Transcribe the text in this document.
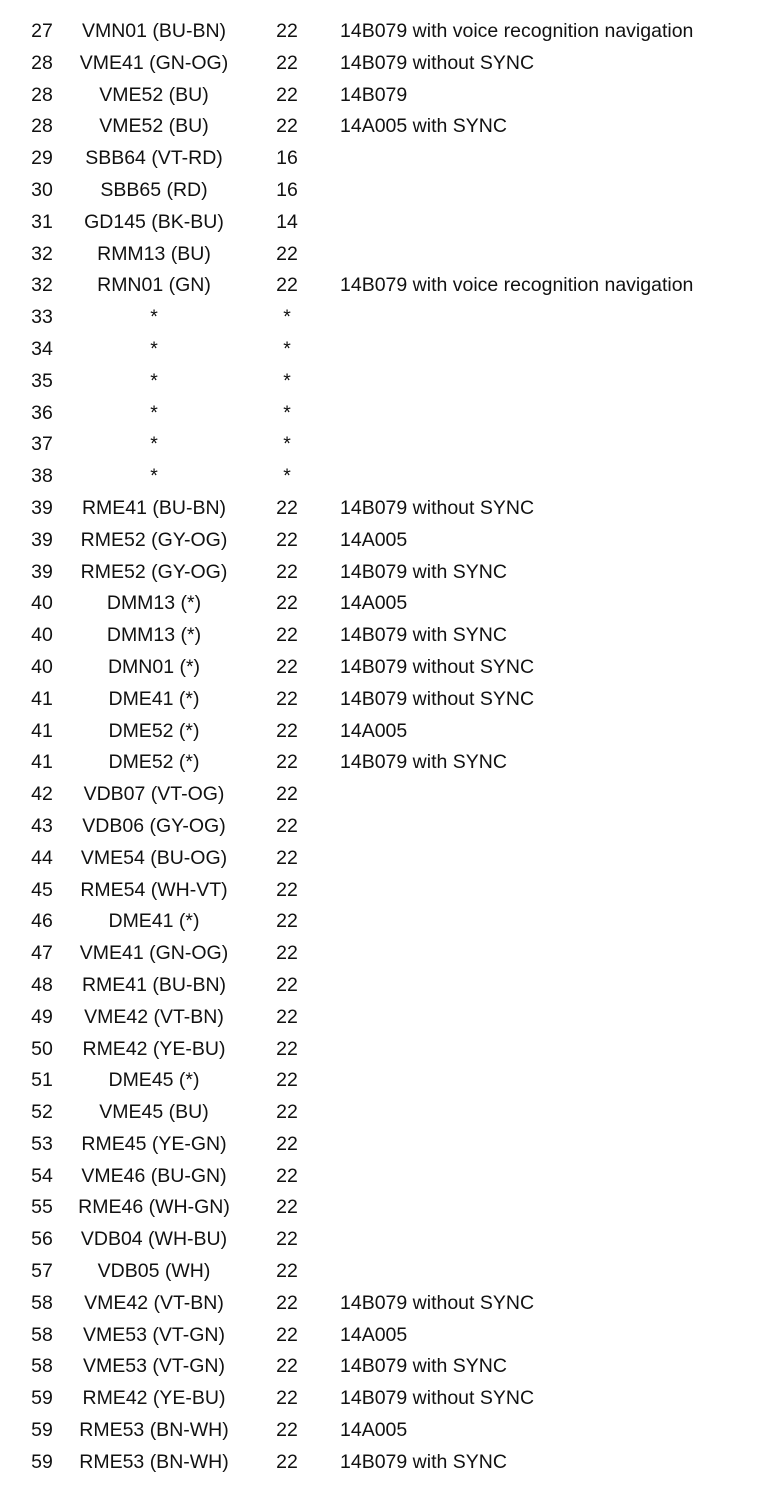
27	VMN01 (BU-BN)	22	14B079 with voice recognition navigation
28	VME41 (GN-OG)	22	14B079 without SYNC
28	VME52 (BU)	22	14B079
28	VME52 (BU)	22	14A005 with SYNC
29	SBB64 (VT-RD)	16
30	SBB65 (RD)	16
31	GD145 (BK-BU)	14
32	RMM13 (BU)	22
32	RMN01 (GN)	22	14B079 with voice recognition navigation
33	*	*
34	*	*
35	*	*
36	*	*
37	*	*
38	*	*
39	RME41 (BU-BN)	22	14B079 without SYNC
39	RME52 (GY-OG)	22	14A005
39	RME52 (GY-OG)	22	14B079 with SYNC
40	DMM13 (*)	22	14A005
40	DMM13 (*)	22	14B079 with SYNC
40	DMN01 (*)	22	14B079 without SYNC
41	DME41 (*)	22	14B079 without SYNC
41	DME52 (*)	22	14A005
41	DME52 (*)	22	14B079 with SYNC
42	VDB07 (VT-OG)	22
43	VDB06 (GY-OG)	22
44	VME54 (BU-OG)	22
45	RME54 (WH-VT)	22
46	DME41 (*)	22
47	VME41 (GN-OG)	22
48	RME41 (BU-BN)	22
49	VME42 (VT-BN)	22
50	RME42 (YE-BU)	22
51	DME45 (*)	22
52	VME45 (BU)	22
53	RME45 (YE-GN)	22
54	VME46 (BU-GN)	22
55	RME46 (WH-GN)	22
56	VDB04 (WH-BU)	22
57	VDB05 (WH)	22
58	VME42 (VT-BN)	22	14B079 without SYNC
58	VME53 (VT-GN)	22	14A005
58	VME53 (VT-GN)	22	14B079 with SYNC
59	RME42 (YE-BU)	22	14B079 without SYNC
59	RME53 (BN-WH)	22	14A005
59	RME53 (BN-WH)	22	14B079 with SYNC
